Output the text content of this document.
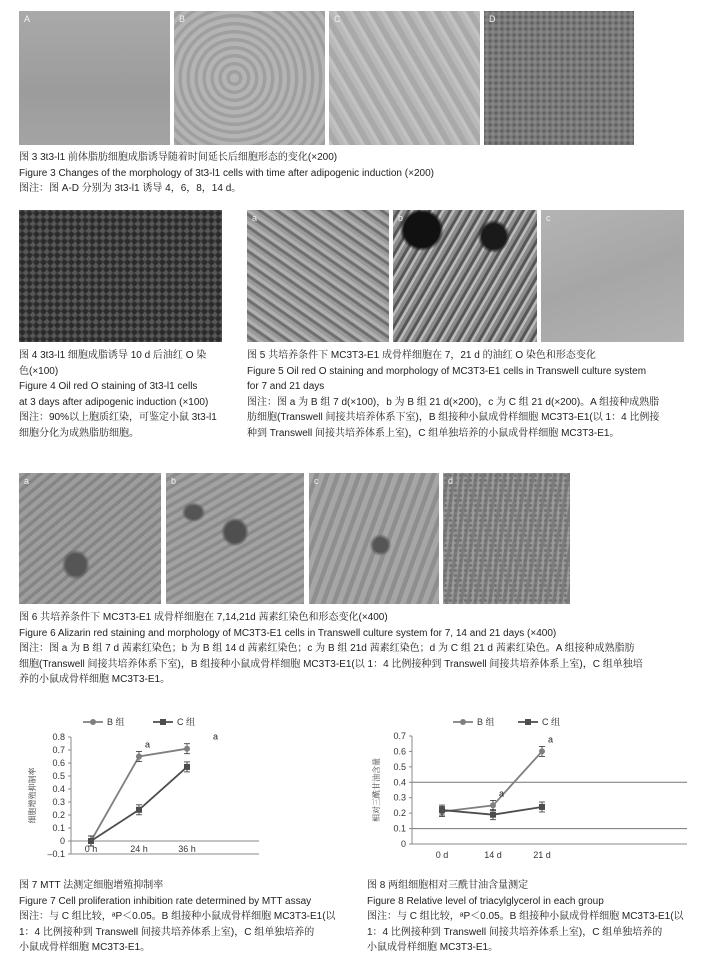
A	B	C	D
图 3 3t3-l1 前体脂肪细胞成脂诱导随着时间延长后细胞形态的变化(×200)
Figure 3 Changes of the morphology of 3t3-l1 cells with time after adipogenic induction (×200)
图注：图 A-D 分别为 3t3-l1 诱导 4，6，8，14 d。
图 4 3t3-l1 细胞成脂诱导 10 d 后油红 O 染
色(×100)
Figure 4 Oil red O staining of 3t3-l1 cells
at 3 days after adipogenic induction (×100)
图注：90%以上胞质红染，可鉴定小鼠 3t3-l1
细胞分化为成熟脂肪细胞。
a	b	c
图 5 共培养条件下 MC3T3-E1 成骨样细胞在 7，21 d 的油红 O 染色和形态变化
Figure 5 Oil red O staining and morphology of MC3T3-E1 cells in Transwell culture system
for 7 and 21 days
图注：图 a 为 B 组 7 d(×100)，b 为 B 组 21 d(×200)，c 为 C 组 21 d(×200)。A 组接种成熟脂
肪细胞(Transwell 间接共培养体系下室)，B 组接种小鼠成骨样细胞 MC3T3-E1(以 1：4 比例接
种到 Transwell 间接共培养体系上室)，C 组单独培养的小鼠成骨样细胞 MC3T3-E1。
a	b	c	d
图 6 共培养条件下 MC3T3-E1 成骨样细胞在 7,14,21d 茜素红染色和形态变化(×400)
Figure 6 Alizarin red staining and morphology of MC3T3-E1 cells in Transwell culture system for 7, 14 and 21 days (×400)
图注：图 a 为 B 组 7 d 茜素红染色；b 为 B 组 14 d 茜素红染色；c 为 B 组 21d 茜素红染色；d 为 C 组 21 d 茜素红染色。A 组接种成熟脂肪
细胞(Transwell 间接共培养体系下室)，B 组接种小鼠成骨样细胞 MC3T3-E1(以 1：4 比例接种到 Transwell 间接共培养体系上室)，C 组单独培
养的小鼠成骨样细胞 MC3T3-E1。
0.8
0.7
0.6
0.5
0.4
0.3
0.2
0.1
0
–0.1 0 h	24 h	36 h
细胞增殖抑制率
a
a
B 组	C 组
图 7 MTT 法测定细胞增殖抑制率
Figure 7 Cell proliferation inhibition rate determined by MTT assay
图注：与 C 组比较，ᵃP＜0.05。B 组接种小鼠成骨样细胞 MC3T3-E1(以
1：4 比例接种到 Transwell 间接共培养体系上室)，C 组单独培养的
小鼠成骨样细胞 MC3T3-E1。
0.7
0.6
0.5
0.4
0.3
0.2
0.1
0
0 d	14 d	21 d
相对三酰甘油含量	a
a
B 组	C 组
图 8 两组细胞相对三酰甘油含量测定
Figure 8 Relative level of triacylglycerol in each group
图注：与 C 组比较，ᵃP＜0.05。B 组接种小鼠成骨样细胞 MC3T3-E1(以
1：4 比例接种到 Transwell 间接共培养体系上室)，C 组单独培养的
小鼠成骨样细胞 MC3T3-E1。
